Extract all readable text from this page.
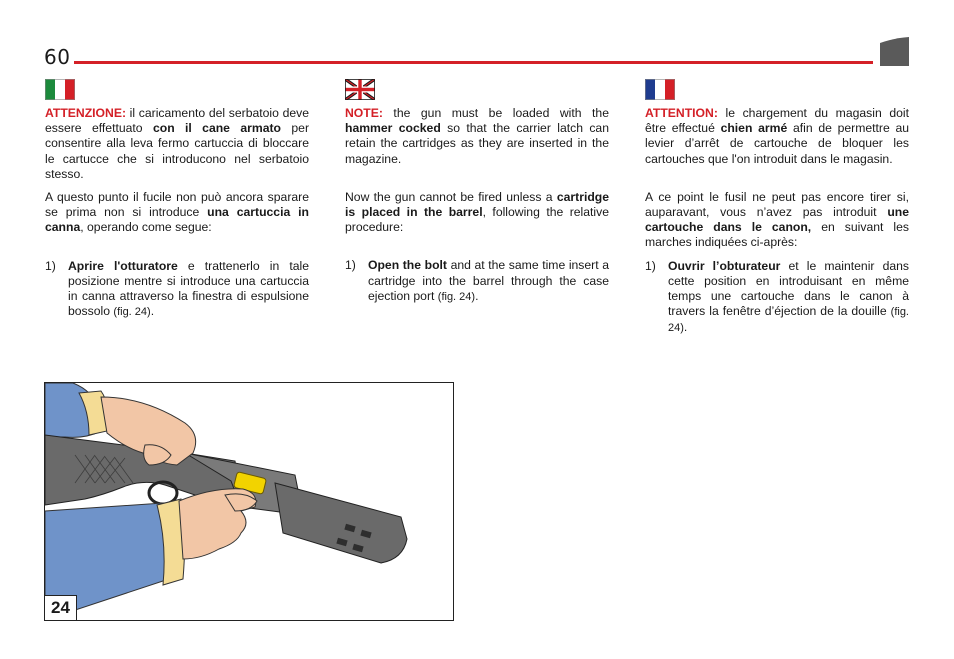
60

ATTENZIONE: il caricamento del serbatoio deve essere effettuato con il cane armato per consentire alla leva fermo cartuccia di bloccare le cartucce che si introducono nel serbatoio stesso.

A questo punto il fucile non può ancora sparare se prima non si introduce una cartuccia in canna, operando come segue:

1) Aprire l'otturatore e trattenerlo in tale posizione mentre si introduce una cartuccia in canna attraverso la finestra di espulsione bossolo (fig. 24).

NOTE: the gun must be loaded with the hammer cocked so that the carrier latch can retain the cartridges as they are inserted in the magazine.

Now the gun cannot be fired unless a cartridge is placed in the barrel, following the relative procedure:

1) Open the bolt and at the same time insert a cartridge into the barrel through the case ejection port (fig. 24).

ATTENTION: le chargement du magasin doit être effectué chien armé afin de permettre au levier d’arrêt de cartouche de bloquer les cartouches que l'on introduit dans le magasin.

A ce point le fusil ne peut pas encore tirer si, auparavant, vous n’avez pas introduit une cartouche dans le canon, en suivant les marches indiquées ci-après:

1) Ouvrir l’obturateur et le maintenir dans cette position en introduisant en même temps une cartouche dans le canon à travers la fenêtre d’éjection de la douille (fig. 24).
24
